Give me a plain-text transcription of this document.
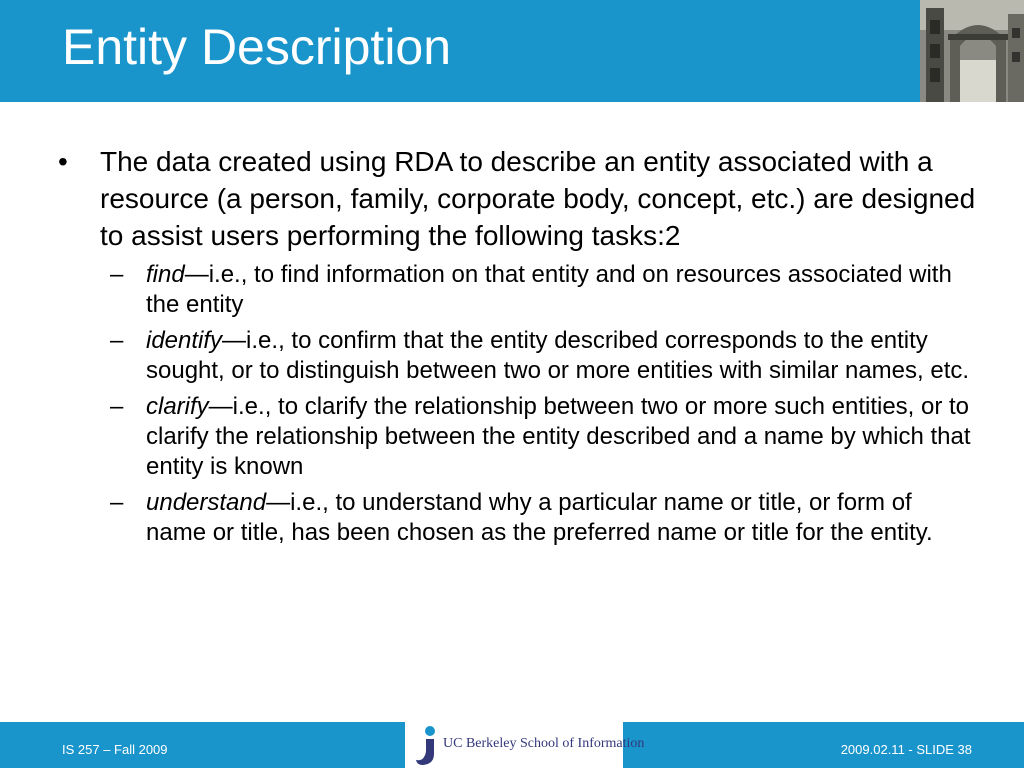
Entity Description
• The data created using RDA to describe an entity associated with a resource (a person, family, corporate body, concept, etc.) are designed to assist users performing the following tasks:2
– find—i.e., to find information on that entity and on resources associated with the entity
– identify—i.e., to confirm that the entity described corresponds to the entity sought, or to distinguish between two or more entities with similar names, etc.
– clarify—i.e., to clarify the relationship between two or more such entities, or to clarify the relationship between the entity described and a name by which that entity is known
– understand—i.e., to understand why a particular name or title, or form of name or title, has been chosen as the preferred name or title for the entity.
IS 257 – Fall 2009	UC Berkeley School of Information	2009.02.11 - SLIDE 38
